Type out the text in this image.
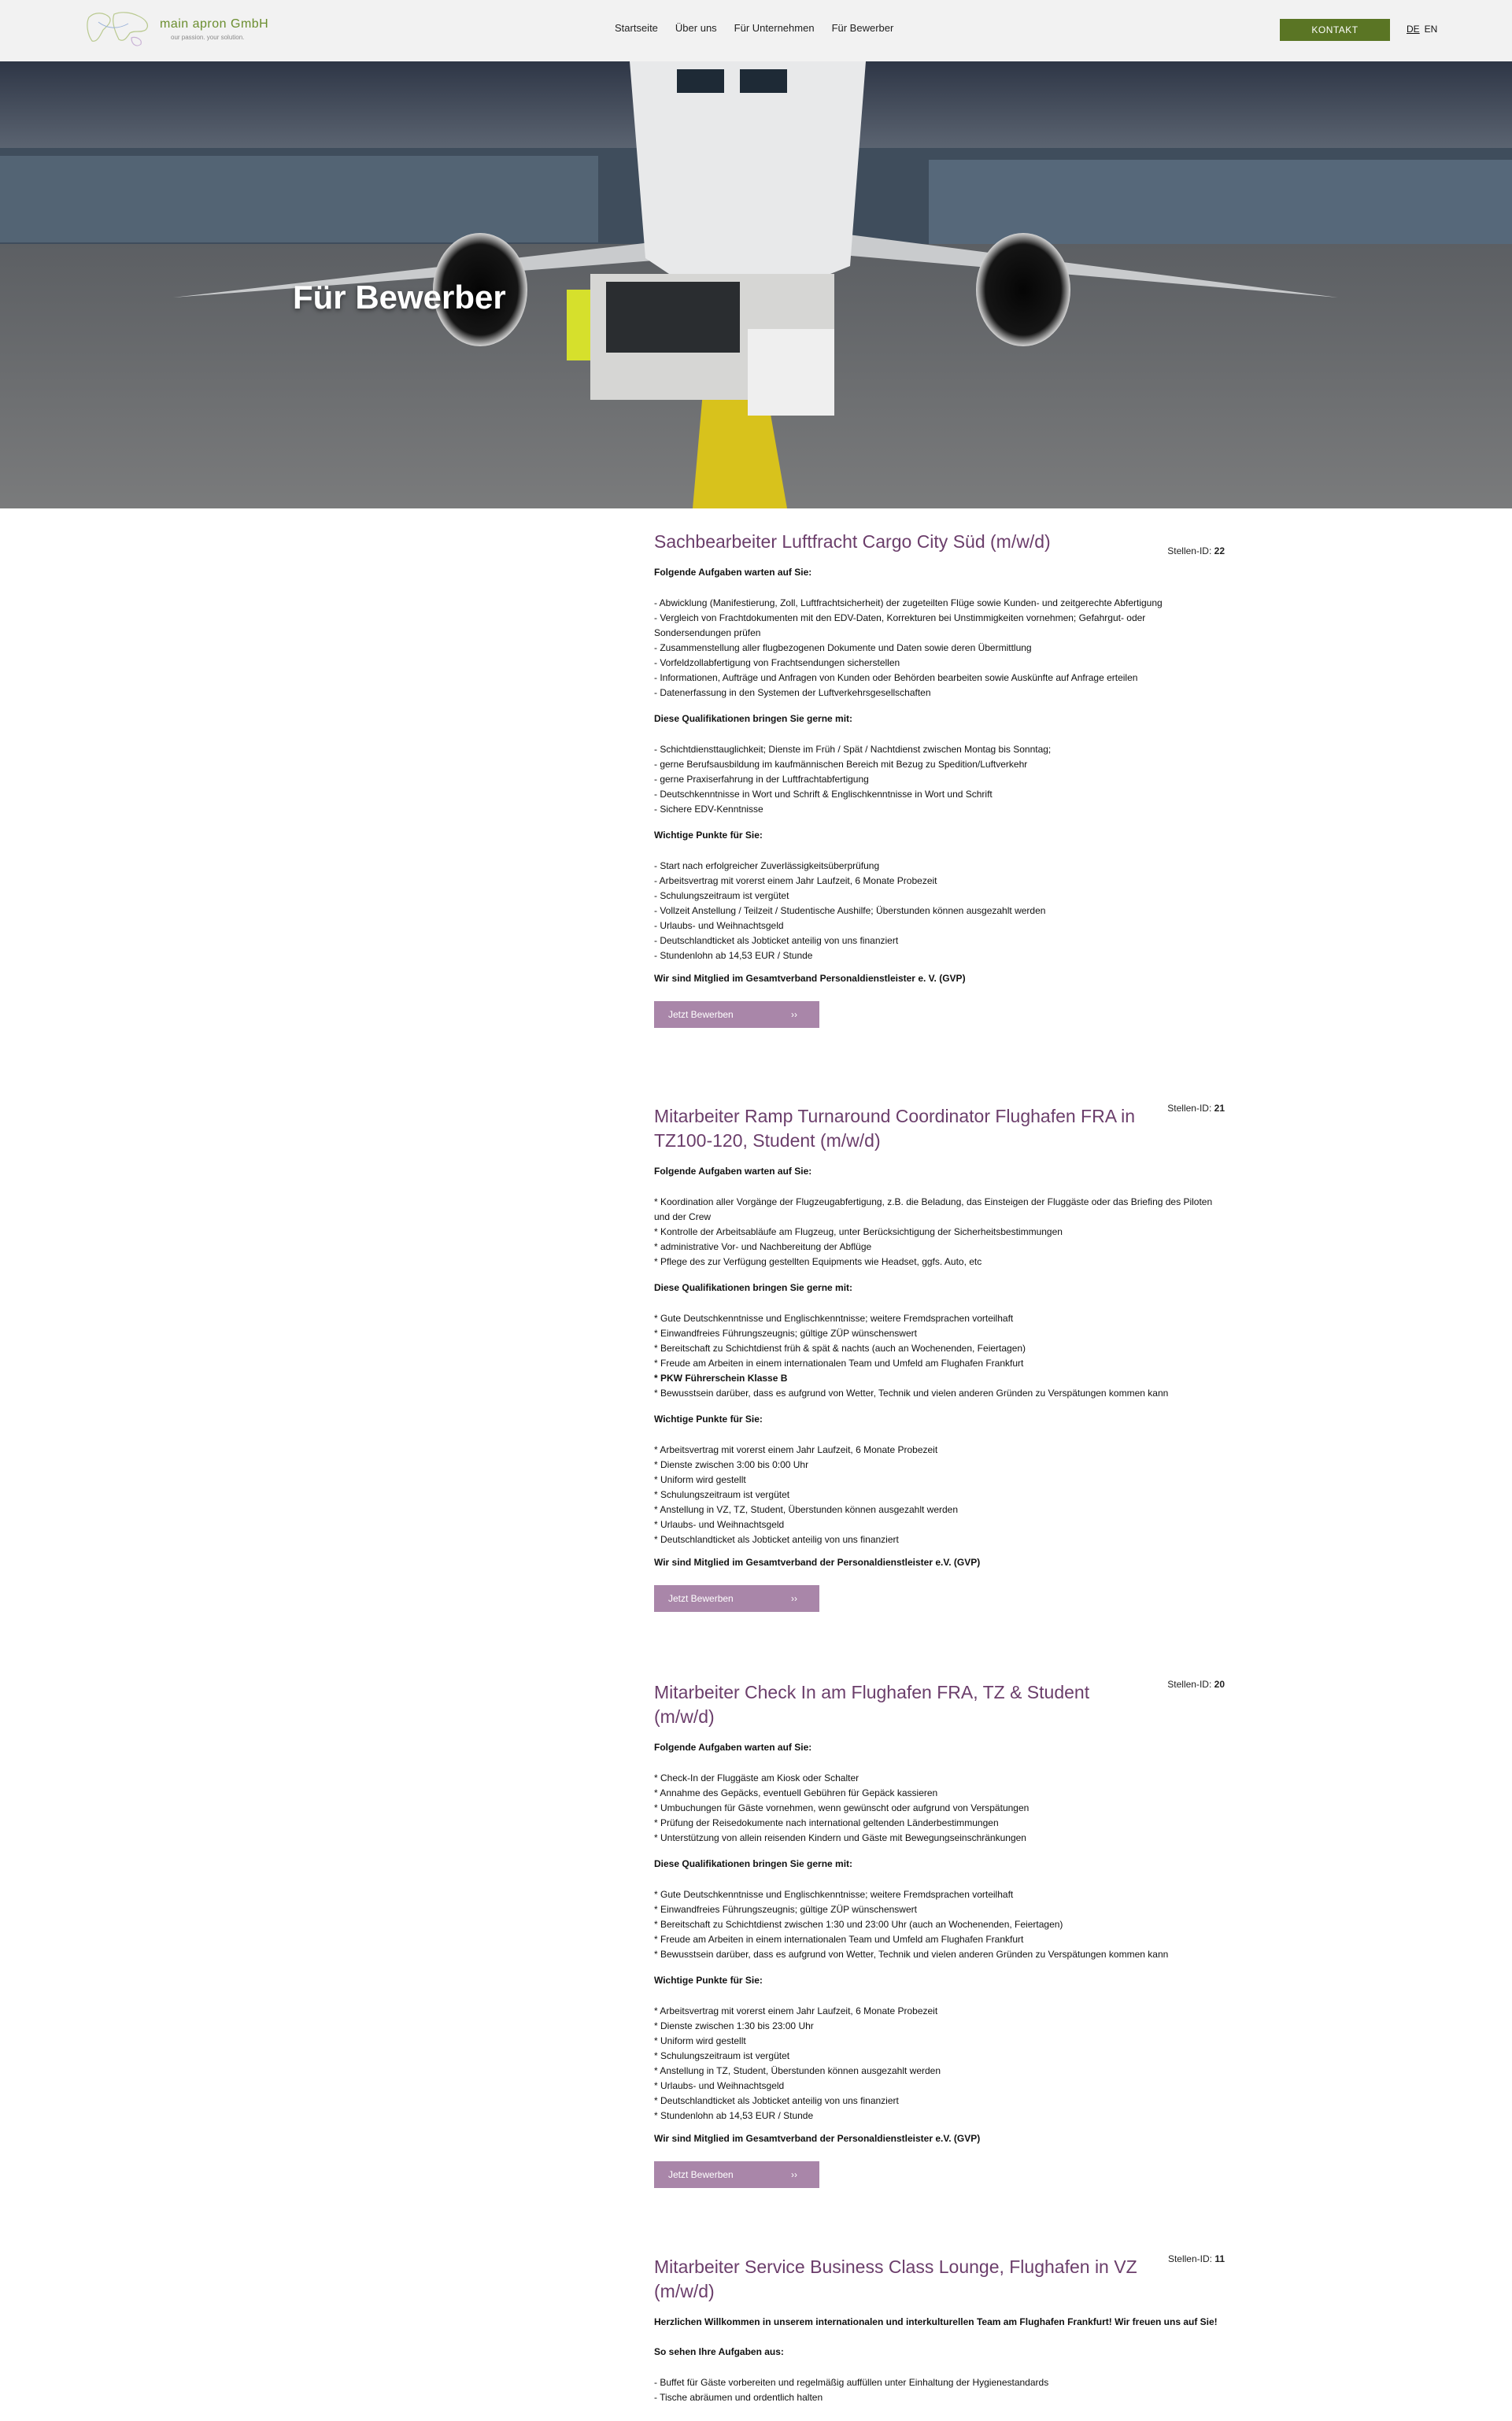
main apron GmbH
our passion. your solution.
Startseite Über uns Für Unternehmen Für Bewerber	KONTAKT	DE EN
Für Bewerber
Sachbearbeiter Luftfracht Cargo City Süd (m/w/d)	Stellen-ID: 22
Folgende Aufgaben warten auf Sie:
- Abwicklung (Manifestierung, Zoll, Luftfrachtsicherheit) der zugeteilten Flüge sowie Kunden- und zeitgerechte Abfertigung
- Vergleich von Frachtdokumenten mit den EDV-Daten, Korrekturen bei Unstimmigkeiten vornehmen; Gefahrgut- oder Sondersendungen prüfen
- Zusammenstellung aller flugbezogenen Dokumente und Daten sowie deren Übermittlung
- Vorfeldzollabfertigung von Frachtsendungen sicherstellen
- Informationen, Aufträge und Anfragen von Kunden oder Behörden bearbeiten sowie Auskünfte auf Anfrage erteilen
- Datenerfassung in den Systemen der Luftverkehrsgesellschaften
Diese Qualifikationen bringen Sie gerne mit:
- Schichtdiensttauglichkeit; Dienste im Früh / Spät / Nachtdienst zwischen Montag bis Sonntag;
- gerne Berufsausbildung im kaufmännischen Bereich mit Bezug zu Spedition/Luftverkehr
- gerne Praxiserfahrung in der Luftfrachtabfertigung
- Deutschkenntnisse in Wort und Schrift & Englischkenntnisse in Wort und Schrift
- Sichere EDV-Kenntnisse
Wichtige Punkte für Sie:
- Start nach erfolgreicher Zuverlässigkeitsüberprüfung
- Arbeitsvertrag mit vorerst einem Jahr Laufzeit, 6 Monate Probezeit
- Schulungszeitraum ist vergütet
- Vollzeit Anstellung / Teilzeit / Studentische Aushilfe; Überstunden können ausgezahlt werden
- Urlaubs- und Weihnachtsgeld
- Deutschlandticket als Jobticket anteilig von uns finanziert
- Stundenlohn ab 14,53 EUR / Stunde
Wir sind Mitglied im Gesamtverband Personaldienstleister e. V. (GVP)
Jetzt Bewerben	››
Mitarbeiter Ramp Turnaround Coordinator Flughafen FRA in TZ100-120, Student (m/w/d)
Stellen-ID: 21
Folgende Aufgaben warten auf Sie:
* Koordination aller Vorgänge der Flugzeugabfertigung, z.B. die Beladung, das Einsteigen der Fluggäste oder das Briefing des Piloten und der Crew
* Kontrolle der Arbeitsabläufe am Flugzeug, unter Berücksichtigung der Sicherheitsbestimmungen
* administrative Vor- und Nachbereitung der Abflüge
* Pflege des zur Verfügung gestellten Equipments wie Headset, ggfs. Auto, etc
Diese Qualifikationen bringen Sie gerne mit:
* Gute Deutschkenntnisse und Englischkenntnisse; weitere Fremdsprachen vorteilhaft
* Einwandfreies Führungszeugnis; gültige ZÜP wünschenswert
* Bereitschaft zu Schichtdienst früh & spät & nachts (auch an Wochenenden, Feiertagen)
* Freude am Arbeiten in einem internationalen Team und Umfeld am Flughafen Frankfurt
* PKW Führerschein Klasse B
* Bewusstsein darüber, dass es aufgrund von Wetter, Technik und vielen anderen Gründen zu Verspätungen kommen kann
Wichtige Punkte für Sie:
* Arbeitsvertrag mit vorerst einem Jahr Laufzeit, 6 Monate Probezeit
* Dienste zwischen 3:00 bis 0:00 Uhr
* Uniform wird gestellt
* Schulungszeitraum ist vergütet
* Anstellung in VZ, TZ, Student, Überstunden können ausgezahlt werden
* Urlaubs- und Weihnachtsgeld
* Deutschlandticket als Jobticket anteilig von uns finanziert
Wir sind Mitglied im Gesamtverband der Personaldienstleister e.V. (GVP)
Jetzt Bewerben	››
Mitarbeiter Check In am Flughafen FRA, TZ & Student (m/w/d)
Stellen-ID: 20
Folgende Aufgaben warten auf Sie:
* Check-In der Fluggäste am Kiosk oder Schalter
* Annahme des Gepäcks, eventuell Gebühren für Gepäck kassieren
* Umbuchungen für Gäste vornehmen, wenn gewünscht oder aufgrund von Verspätungen
* Prüfung der Reisedokumente nach international geltenden Länderbestimmungen
* Unterstützung von allein reisenden Kindern und Gäste mit Bewegungseinschränkungen
Diese Qualifikationen bringen Sie gerne mit:
* Gute Deutschkenntnisse und Englischkenntnisse; weitere Fremdsprachen vorteilhaft
* Einwandfreies Führungszeugnis; gültige ZÜP wünschenswert
* Bereitschaft zu Schichtdienst zwischen 1:30 und 23:00 Uhr (auch an Wochenenden, Feiertagen)
* Freude am Arbeiten in einem internationalen Team und Umfeld am Flughafen Frankfurt
* Bewusstsein darüber, dass es aufgrund von Wetter, Technik und vielen anderen Gründen zu Verspätungen kommen kann
Wichtige Punkte für Sie:
* Arbeitsvertrag mit vorerst einem Jahr Laufzeit, 6 Monate Probezeit
* Dienste zwischen 1:30 bis 23:00 Uhr
* Uniform wird gestellt
* Schulungszeitraum ist vergütet
* Anstellung in TZ, Student, Überstunden können ausgezahlt werden
* Urlaubs- und Weihnachtsgeld
* Deutschlandticket als Jobticket anteilig von uns finanziert
* Stundenlohn ab 14,53 EUR / Stunde
Wir sind Mitglied im Gesamtverband der Personaldienstleister e.V. (GVP)
Jetzt Bewerben	››
Mitarbeiter Service Business Class Lounge, Flughafen in VZ (m/w/d)
Stellen-ID: 11
Herzlichen Willkommen in unserem internationalen und interkulturellen Team am Flughafen Frankfurt! Wir freuen uns auf Sie!
So sehen Ihre Aufgaben aus:
- Buffet für Gäste vorbereiten und regelmäßig auffüllen unter Einhaltung der Hygienestandards
- Tische abräumen und ordentlich halten
